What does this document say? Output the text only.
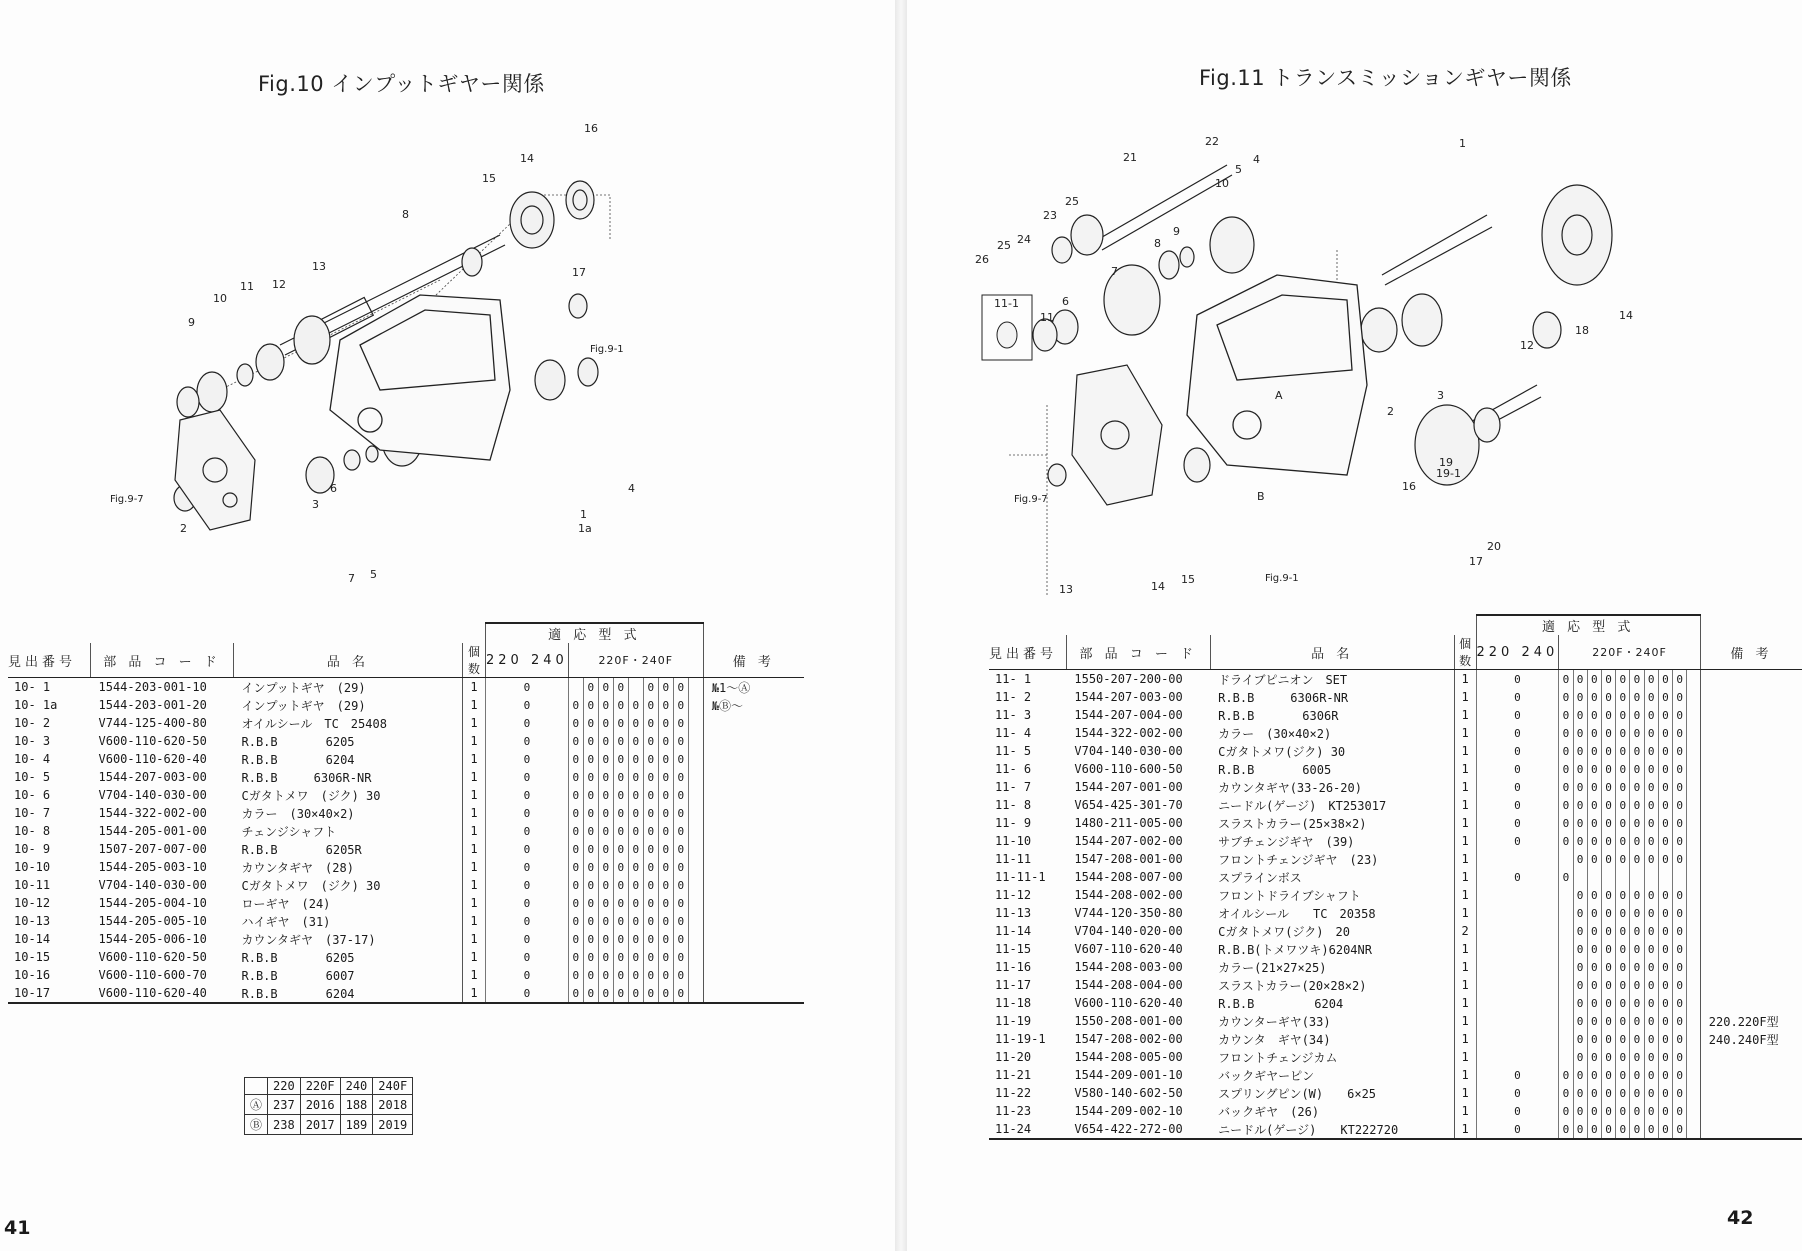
Fig.10 インプットギヤー関係
16
14
15
8
13
12
11
10
9
17
Fig.9-1
Fig.9-7
2
3
6
7 5
1
1a
4
				適 応 型 式										
見出番号	部 品 コ ー ド	品 名	個 数	220 240	220F・240F									備 考
10- 1	1544-203-001-10	インプットギヤ　(29)	1	0		0	0	0		0	0	0		№1～Ⓐ
10- 1a	1544-203-001-20	インプットギヤ　(29)	1	0	0	0	0	0	0	0	0	0		№Ⓑ～
10- 2	V744-125-400-80	オイルシール　TC　25408	1	0	0	0	0	0	0	0	0	0		
10- 3	V600-110-620-50	R.B.B　　　　6205	1	0	0	0	0	0	0	0	0	0		
10- 4	V600-110-620-40	R.B.B　　　　6204	1	0	0	0	0	0	0	0	0	0		
10- 5	1544-207-003-00	R.B.B　　　6306R-NR	1	0	0	0	0	0	0	0	0	0		
10- 6	V704-140-030-00	Cガタトメワ　(ジク) 30	1	0	0	0	0	0	0	0	0	0		
10- 7	1544-322-002-00	カラー　(30×40×2)	1	0	0	0	0	0	0	0	0	0		
10- 8	1544-205-001-00	チェンジシャフト	1	0	0	0	0	0	0	0	0	0		
10- 9	1507-207-007-00	R.B.B　　　　6205R	1	0	0	0	0	0	0	0	0	0		
10-10	1544-205-003-10	カウンタギヤ　(28)	1	0	0	0	0	0	0	0	0	0		
10-11	V704-140-030-00	Cガタトメワ　(ジク) 30	1	0	0	0	0	0	0	0	0	0		
10-12	1544-205-004-10	ローギヤ　(24)	1	0	0	0	0	0	0	0	0	0		
10-13	1544-205-005-10	ハイギヤ　(31)	1	0	0	0	0	0	0	0	0	0		
10-14	1544-205-006-10	カウンタギヤ　(37-17)	1	0	0	0	0	0	0	0	0	0		
10-15	V600-110-620-50	R.B.B　　　　6205	1	0	0	0	0	0	0	0	0	0		
10-16	V600-110-600-70	R.B.B　　　　6007	1	0	0	0	0	0	0	0	0	0		
10-17	V600-110-620-40	R.B.B　　　　6204	1	0	0	0	0	0	0	0	0	0		
	220	220F	240	240F
Ⓐ	237	2016	188	2018
Ⓑ	238	2017	189	2019
41
Fig.11 トランスミッションギヤー関係
22
21
1
5
4
10
25
23
24	8
9
26
25
7
11
6
11-1
14
18
12
2
3
19
19-1
16
Fig.9-7
20
17
13	14
15	Fig.9-1
A
B
				適 応 型 式											
見出番号	部 品 コ ー ド	品 名	個 数	220 240	220F・240F										備 考
11- 1	1550-207-200-00	ドライブピニオン　SET	1	0	0	0	0	0	0	0	0	0	0		
11- 2	1544-207-003-00	R.B.B　　　6306R-NR	1	0	0	0	0	0	0	0	0	0	0		
11- 3	1544-207-004-00	R.B.B　　　　6306R	1	0	0	0	0	0	0	0	0	0	0		
11- 4	1544-322-002-00	カラー　(30×40×2)	1	0	0	0	0	0	0	0	0	0	0		
11- 5	V704-140-030-00	Cガタトメワ(ジク) 30	1	0	0	0	0	0	0	0	0	0	0		
11- 6	V600-110-600-50	R.B.B　　　　6005	1	0	0	0	0	0	0	0	0	0	0		
11- 7	1544-207-001-00	カウンタギヤ(33-26-20)	1	0	0	0	0	0	0	0	0	0	0		
11- 8	V654-425-301-70	ニードル(ゲージ)　KT253017	1	0	0	0	0	0	0	0	0	0	0		
11- 9	1480-211-005-00	スラストカラー(25×38×2)	1	0	0	0	0	0	0	0	0	0	0		
11-10	1544-207-002-00	サブチェンジギヤ　(39)	1	0	0	0	0	0	0	0	0	0	0		
11-11	1547-208-001-00	フロントチェンジギヤ　(23)	1			0	0	0	0	0	0	0	0		
11-11-1	1544-208-007-00	スプラインボス	1	0	0										
11-12	1544-208-002-00	フロントドライブシャフト	1			0	0	0	0	0	0	0	0		
11-13	V744-120-350-80	オイルシール　　TC　20358	1			0	0	0	0	0	0	0	0		
11-14	V704-140-020-00	Cガタトメワ(ジク)　20	2			0	0	0	0	0	0	0	0		
11-15	V607-110-620-40	R.B.B(トメワツキ)6204NR	1			0	0	0	0	0	0	0	0		
11-16	1544-208-003-00	カラー(21×27×25)	1			0	0	0	0	0	0	0	0		
11-17	1544-208-004-00	スラストカラー(20×28×2)	1			0	0	0	0	0	0	0	0		
11-18	V600-110-620-40	R.B.B　　　　　6204	1			0	0	0	0	0	0	0	0		
11-19	1550-208-001-00	カウンターギヤ(33)	1			0	0	0	0	0	0	0	0		220.220F型
11-19-1	1547-208-002-00	カウンタ　ギヤ(34)	1			0	0	0	0	0	0	0	0		240.240F型
11-20	1544-208-005-00	フロントチェンジカム	1			0	0	0	0	0	0	0	0		
11-21	1544-209-001-10	バックギヤーピン	1	0	0	0	0	0	0	0	0	0	0		
11-22	V580-140-602-50	スプリングピン(W)　　6×25	1	0	0	0	0	0	0	0	0	0	0		
11-23	1544-209-002-10	バックギヤ　(26)	1	0	0	0	0	0	0	0	0	0	0		
11-24	V654-422-272-00	ニードル(ゲージ)　　KT222720	1	0	0	0	0	0	0	0	0	0	0		
42
